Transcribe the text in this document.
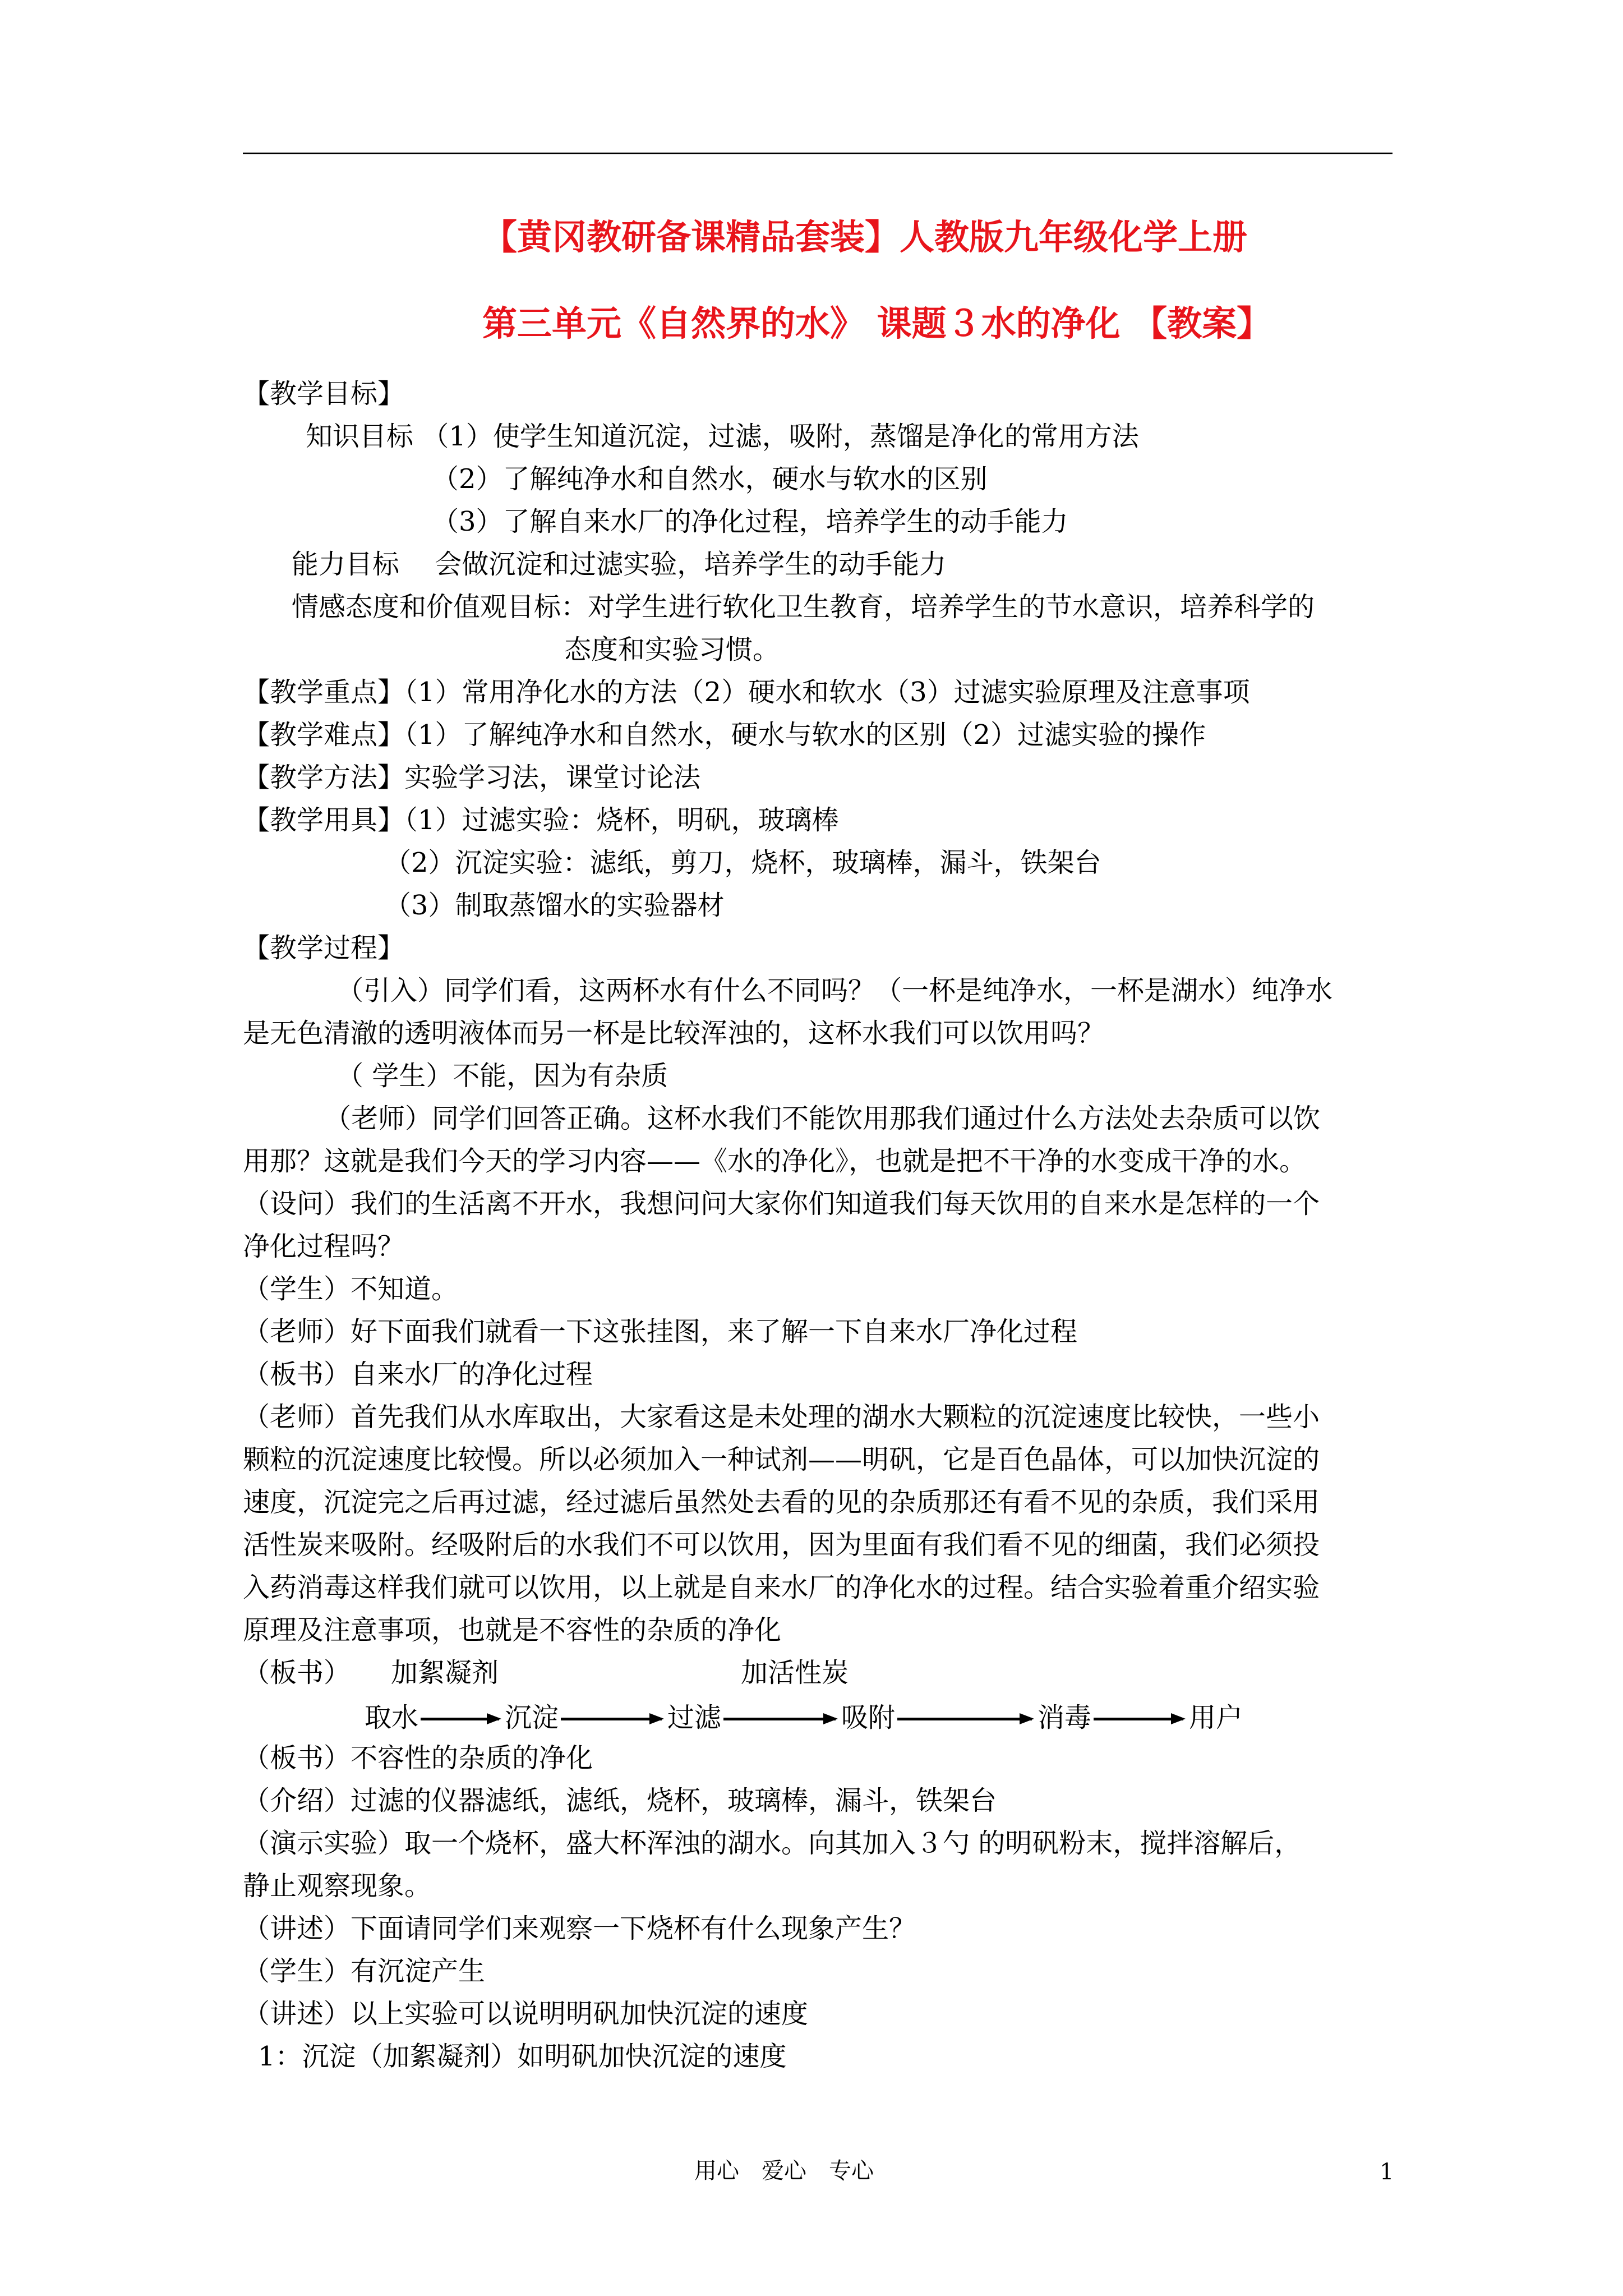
【黄冈教研备课精品套装】人教版九年级化学上册
第三单元《自然界的水》 课题３水的净化 【教案】
【教学目标】
知识目标 （1）使学生知道沉淀，过滤，吸附，蒸馏是净化的常用方法
（2）了解纯净水和自然水，硬水与软水的区别
（3）了解自来水厂的净化过程，培养学生的动手能力
能力目标　 会做沉淀和过滤实验，培养学生的动手能力
情感态度和价值观目标：对学生进行软化卫生教育，培养学生的节水意识，培养科学的
态度和实验习惯。
【教学重点】（1）常用净化水的方法（2）硬水和软水（3）过滤实验原理及注意事项
【教学难点】（1）了解纯净水和自然水，硬水与软水的区别（2）过滤实验的操作
【教学方法】实验学习法，课堂讨论法
【教学用具】（1）过滤实验：烧杯，明矾，玻璃棒
（2）沉淀实验：滤纸，剪刀，烧杯，玻璃棒，漏斗，铁架台
（3）制取蒸馏水的实验器材
【教学过程】
（引入）同学们看，这两杯水有什么不同吗？（一杯是纯净水，一杯是湖水）纯净水
是无色清澈的透明液体而另一杯是比较浑浊的，这杯水我们可以饮用吗？
（ 学生）不能，因为有杂质
（老师）同学们回答正确。这杯水我们不能饮用那我们通过什么方法处去杂质可以饮
用那？这就是我们今天的学习内容——《水的净化》，也就是把不干净的水变成干净的水。
（设问）我们的生活离不开水，我想问问大家你们知道我们每天饮用的自来水是怎样的一个
净化过程吗？
（学生）不知道。
（老师）好下面我们就看一下这张挂图，来了解一下自来水厂净化过程
（板书）自来水厂的净化过程
（老师）首先我们从水库取出，大家看这是未处理的湖水大颗粒的沉淀速度比较快，一些小
颗粒的沉淀速度比较慢。所以必须加入一种试剂——明矾，它是百色晶体，可以加快沉淀的
速度，沉淀完之后再过滤，经过滤后虽然处去看的见的杂质那还有看不见的杂质，我们采用
活性炭来吸附。经吸附后的水我们不可以饮用，因为里面有我们看不见的细菌，我们必须投
入药消毒这样我们就可以饮用，以上就是自来水厂的净化水的过程。结合实验着重介绍实验
原理及注意事项，也就是不容性的杂质的净化
（板书）　　加絮凝剂　　　　　　　　　加活性炭
取水	沉淀	过滤	吸附	消毒	用户
（板书）不容性的杂质的净化
（介绍）过滤的仪器滤纸，滤纸，烧杯，玻璃棒，漏斗，铁架台
（演示实验）取一个烧杯，盛大杯浑浊的湖水。向其加入３勺 的明矾粉末，搅拌溶解后，
静止观察现象。
（讲述）下面请同学们来观察一下烧杯有什么现象产生？
（学生）有沉淀产生
（讲述）以上实验可以说明明矾加快沉淀的速度
1：沉淀（加絮凝剂）如明矾加快沉淀的速度
用心　爱心　专心	1
